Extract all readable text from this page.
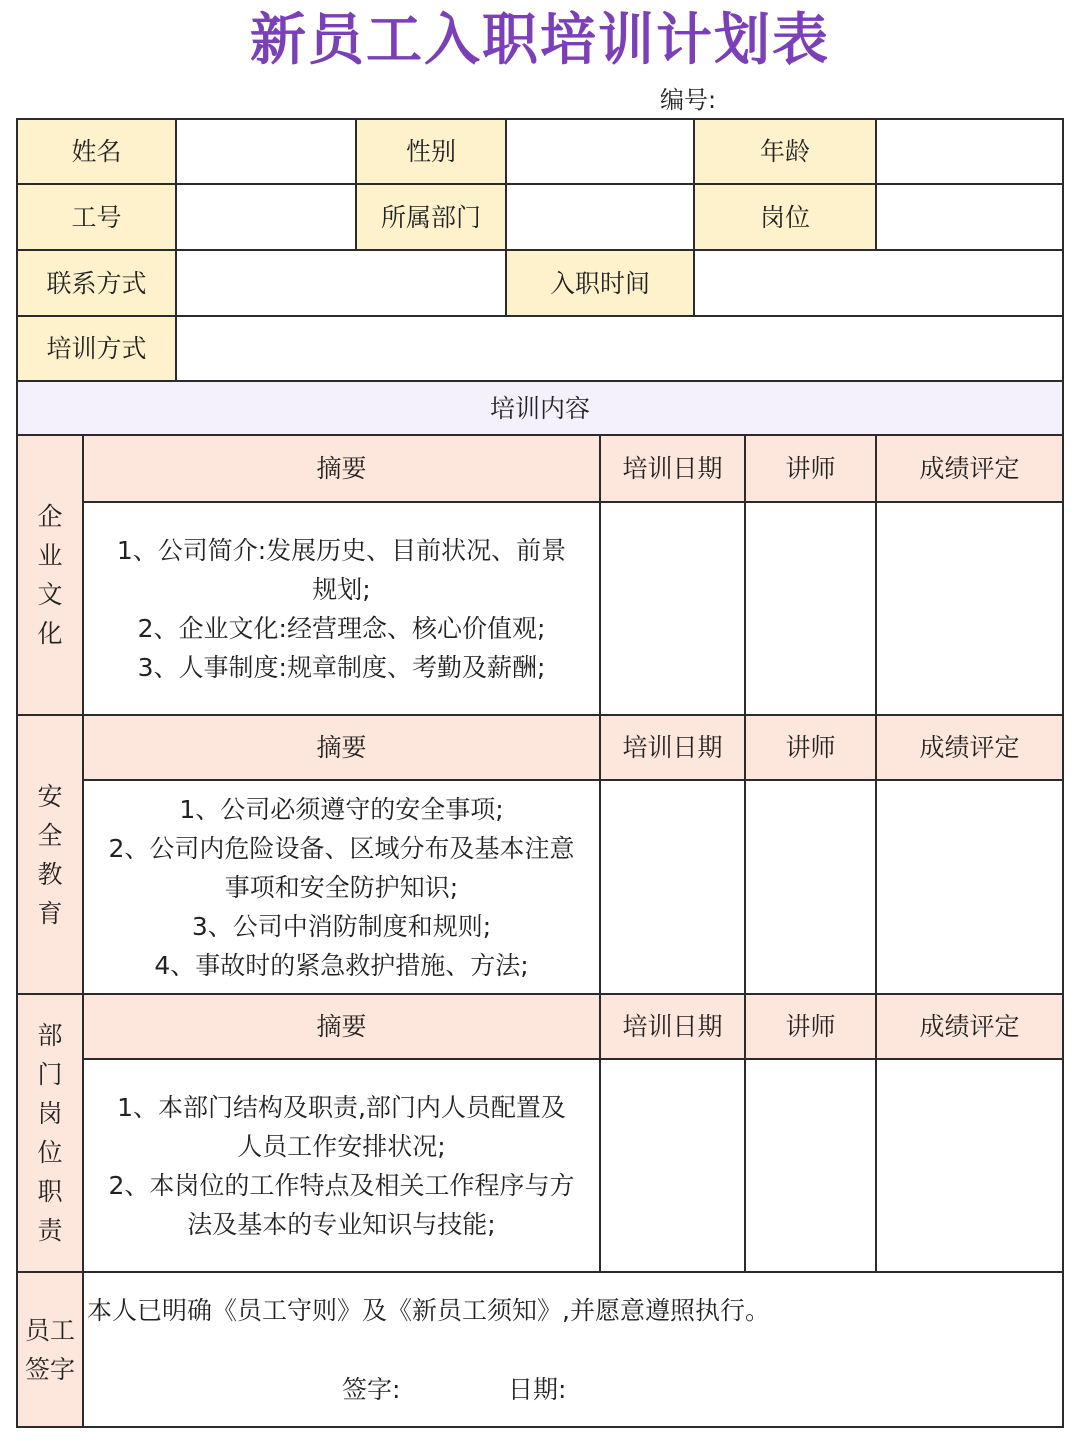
新员工入职培训计划表
编号:
姓名	性别	年龄
工号	所属部门	岗位
联系方式	入职时间
培训方式
培训内容
企
业
文
化
摘要	培训日期	讲师	成绩评定
1、公司简介:发展历史、目前状况、前景
规划;
2、企业文化:经营理念、核心价值观;
3、人事制度:规章制度、考勤及薪酬;
安
全
教
育
摘要	培训日期	讲师	成绩评定
1、公司必须遵守的安全事项;
2、公司内危险设备、区域分布及基本注意
事项和安全防护知识;
3、公司中消防制度和规则;
4、事故时的紧急救护措施、方法;
部
门
岗
位
职
责
摘要	培训日期	讲师	成绩评定
1、本部门结构及职责,部门内人员配置及
人员工作安排状况;
2、本岗位的工作特点及相关工作程序与方
法及基本的专业知识与技能;
员工
签字
本人已明确《员工守则》及《新员工须知》,并愿意遵照执行。
签字:	日期:
